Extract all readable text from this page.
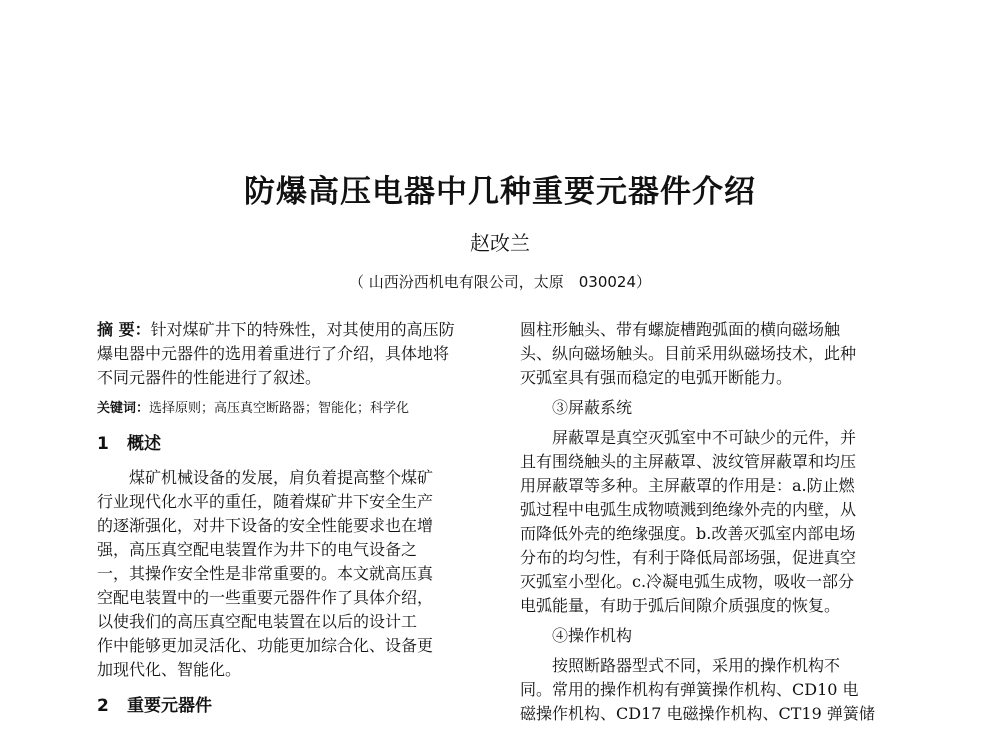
防爆高压电器中几种重要元器件介绍
赵改兰
（ 山西汾西机电有限公司，太原　030024）
摘 要：针对煤矿井下的特殊性，对其使用的高压防
爆电器中元器件的选用着重进行了介绍，具体地将
不同元器件的性能进行了叙述。
关键词：选择原则；高压真空断路器；智能化；科学化
1 概述
煤矿机械设备的发展，肩负着提高整个煤矿
行业现代化水平的重任，随着煤矿井下安全生产
的逐渐强化，对井下设备的安全性能要求也在增
强，高压真空配电装置作为井下的电气设备之
一，其操作安全性是非常重要的。本文就高压真
空配电装置中的一些重要元器件作了具体介绍，
以使我们的高压真空配电装置在以后的设计工
作中能够更加灵活化、功能更加综合化、设备更
加现代化、智能化。
2 重要元器件
圆柱形触头、带有螺旋槽跑弧面的横向磁场触
头、纵向磁场触头。目前采用纵磁场技术，此种
灭弧室具有强而稳定的电弧开断能力。
③屏蔽系统
屏蔽罩是真空灭弧室中不可缺少的元件，并
且有围绕触头的主屏蔽罩、波纹管屏蔽罩和均压
用屏蔽罩等多种。主屏蔽罩的作用是：a.防止燃
弧过程中电弧生成物喷溅到绝缘外壳的内壁，从
而降低外壳的绝缘强度。b.改善灭弧室内部电场
分布的均匀性，有利于降低局部场强，促进真空
灭弧室小型化。c.冷凝电弧生成物，吸收一部分
电弧能量，有助于弧后间隙介质强度的恢复。
④操作机构
按照断路器型式不同，采用的操作机构不
同。常用的操作机构有弹簧操作机构、CD10 电
磁操作机构、CD17 电磁操作机构、CT19 弹簧储
